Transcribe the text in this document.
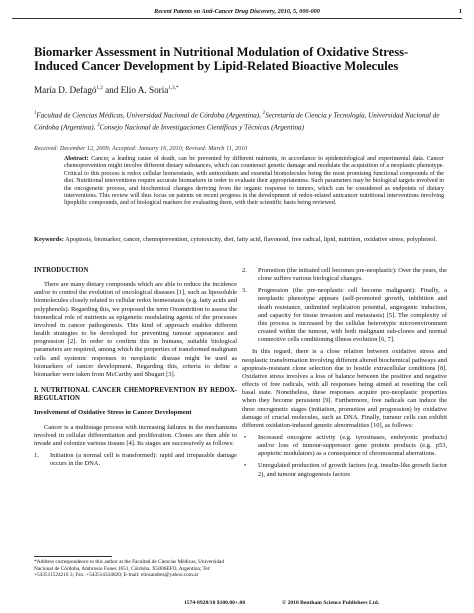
Recent Patents on Anti-Cancer Drug Discovery, 2010, 5, 000-000	1
Biomarker Assessment in Nutritional Modulation of Oxidative Stress-Induced Cancer Development by Lipid-Related Bioactive Molecules
María D. Defagó$^{1,2}$ and Elio A. Soria$^{1,3,*}$
$^1$Facultad de Ciencias Médicas, Universidad Nacional de Córdoba (Argentina), $^2$Secretaría de Ciencia y Tecnología, Universidad Nacional de Córdoba (Argentina), $^3$Consejo Nacional de Investigaciones Científicas y Técnicas (Argentina)
Received: December 12, 2009; Accepted: January 16, 2010; Revised: March 11, 2010
Abstract: Cancer, a leading cause of death, can be prevented by different nutrients, in accordance to epidemiological and experimental data. Cancer chemoprevention might involve different dietary substances, which can counteract genetic damage and modulate the acquisition of a neoplastic phenotype. Critical to this process is redox cellular homeostasis, with antioxidants and essential biomolecules being the most promising functional compounds of the diet. Nutritional interventions require accurate biomarkers in order to evaluate their appropriateness. Such parameters may be biological targets involved in the oncogenetic process, and biochemical changes deriving from the organic response to tumors, which can be considered as endpoints of dietary interventions. This review will thus focus on patents on recent progress in the development of redox-related anticancer nutritional interventions involving lipophilic compounds, and of biological markers for evaluating them, with their scientific basis being reviewed.
Keywords: Apoptosis, biomarker, cancer, chemoprevention, cytotoxicity, diet, fatty acid, flavonoid, free radical, lipid, nutrition, oxidative stress, polyphenol.
INTRODUCTION

There are many dietary compounds which are able to reduce the incidence and/or to control the evolution of oncological diseases [1], such as liposoluble biomolecules closely related to cellular redox homeostasis (e.g. fatty acids and polyphenols). Regarding this, we proposed the term Oxonutrition to assess the biomedical role of nutrients as epigenetic modulating agents of the processes involved in cancer pathogenesis. This kind of approach enables different health strategies to be developed for preventing tumour appearance and progression [2]. In order to confirm this in humans, suitable biological parameters are required, among which the properties of transformed malignant cells and systemic responses to neoplastic disease might be used as biomarkers of cancer development. Regarding this, criteria to define a biomarker were taken from McCarthy and Shugart [3].

I. NUTRITIONAL CANCER CHEMOPREVENTION BY REDOX-REGULATION
Involvement of Oxidative Stress in Cancer Development

Cancer is a multistage process with increasing failures in the mechanisms involved in cellular differentiation and proliferation. Clones are then able to invade and colonize various tissues [4]. Its stages are successively as follows:

1. Initiation (a normal cell is transformed): rapid and irreparable damage occurs in the DNA.
2. Promotion (the initiated cell becomes pre-neoplastic): Over the years, the clone suffers various biological changes.
3. Progression (the pre-neoplastic cell become malignant): Finally, a neoplastic phenotype appears (self-promoted growth, inhibition and death resistance, unlimited replication potential, angiogenic induction, and capacity for tissue invasion and metastasis) [5]. The complexity of this process is increased by the cellular heterotypic microenvironment created within the tumour, with both malignant sub-clones and normal connective cells conditioning illness evolution [6, 7].

In this regard, there is a close relation between oxidative stress and neoplastic transformation involving different altered biochemical pathways and apoptosis-resistant clone selection due to hostile extracellular conditions [8]. Oxidative stress involves a loss of balance between the positive and negative effects of free radicals, with all responses being aimed at resetting the cell basal state. Nonetheless, these responses acquire pro-neoplastic properties when they become persistent [9]. Furthermore, free radicals can induce the three oncogenetic stages (initiation, promotion and progression) by oxidative damage of crucial molecules, such as DNA. Finally, tumour cells can exhibit different oxidation-induced genetic abnormalities [10], as follows:

• Increased oncogene activity (e.g. tyrosinases, embryonic products) and/or loss of tumour-suppressor gene protein products (e.g. p53, apoptotic modulators) as a consequence of chromosomal aberrations.
• Unregulated production of growth factors (e.g. insulin-like growth factor 2), and tumour angiogenesis factors
*Address correspondence to this author at the Facultad de Ciencias Médicas, Universidad Nacional de Córdoba, Ambrosio Funes 1651, Córdoba, X5006EFO, Argentina; Tel: +543511524216 3; Fax: +543514334020; E-mail: eliosandres@yahoo.com.ar
1574-8928/10 $100.00+.00	© 2010 Bentham Science Publishers Ltd.
